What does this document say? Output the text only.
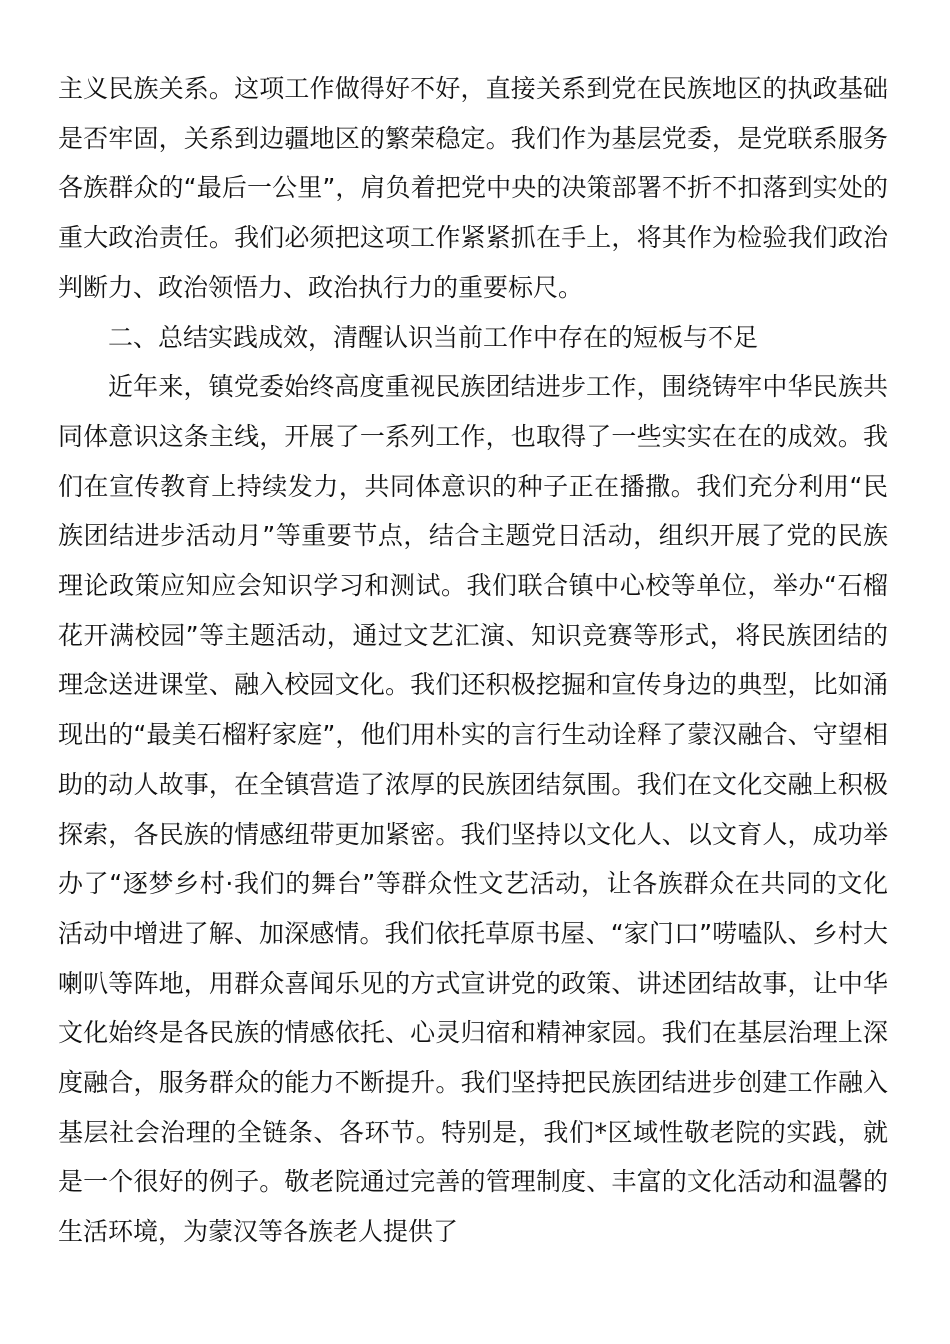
主义民族关系。这项工作做得好不好，直接关系到党在民族地区的执政基础是否牢固，关系到边疆地区的繁荣稳定。我们作为基层党委，是党联系服务各族群众的“最后一公里”，肩负着把党中央的决策部署不折不扣落到实处的重大政治责任。我们必须把这项工作紧紧抓在手上，将其作为检验我们政治判断力、政治领悟力、政治执行力的重要标尺。

二、总结实践成效，清醒认识当前工作中存在的短板与不足

近年来，镇党委始终高度重视民族团结进步工作，围绕铸牢中华民族共同体意识这条主线，开展了一系列工作，也取得了一些实实在在的成效。我们在宣传教育上持续发力，共同体意识的种子正在播撒。我们充分利用“民族团结进步活动月”等重要节点，结合主题党日活动，组织开展了党的民族理论政策应知应会知识学习和测试。我们联合镇中心校等单位，举办“石榴花开满校园”等主题活动，通过文艺汇演、知识竞赛等形式，将民族团结的理念送进课堂、融入校园文化。我们还积极挖掘和宣传身边的典型，比如涌现出的“最美石榴籽家庭”，他们用朴实的言行生动诠释了蒙汉融合、守望相助的动人故事，在全镇营造了浓厚的民族团结氛围。我们在文化交融上积极探索，各民族的情感纽带更加紧密。我们坚持以文化人、以文育人，成功举办了“逐梦乡村·我们的舞台”等群众性文艺活动，让各族群众在共同的文化活动中增进了解、加深感情。我们依托草原书屋、“家门口”唠嗑队、乡村大喇叭等阵地，用群众喜闻乐见的方式宣讲党的政策、讲述团结故事，让中华文化始终是各民族的情感依托、心灵归宿和精神家园。我们在基层治理上深度融合，服务群众的能力不断提升。我们坚持把民族团结进步创建工作融入基层社会治理的全链条、各环节。特别是，我们*区域性敬老院的实践，就是一个很好的例子。敬老院通过完善的管理制度、丰富的文化活动和温馨的生活环境，为蒙汉等各族老人提供了
